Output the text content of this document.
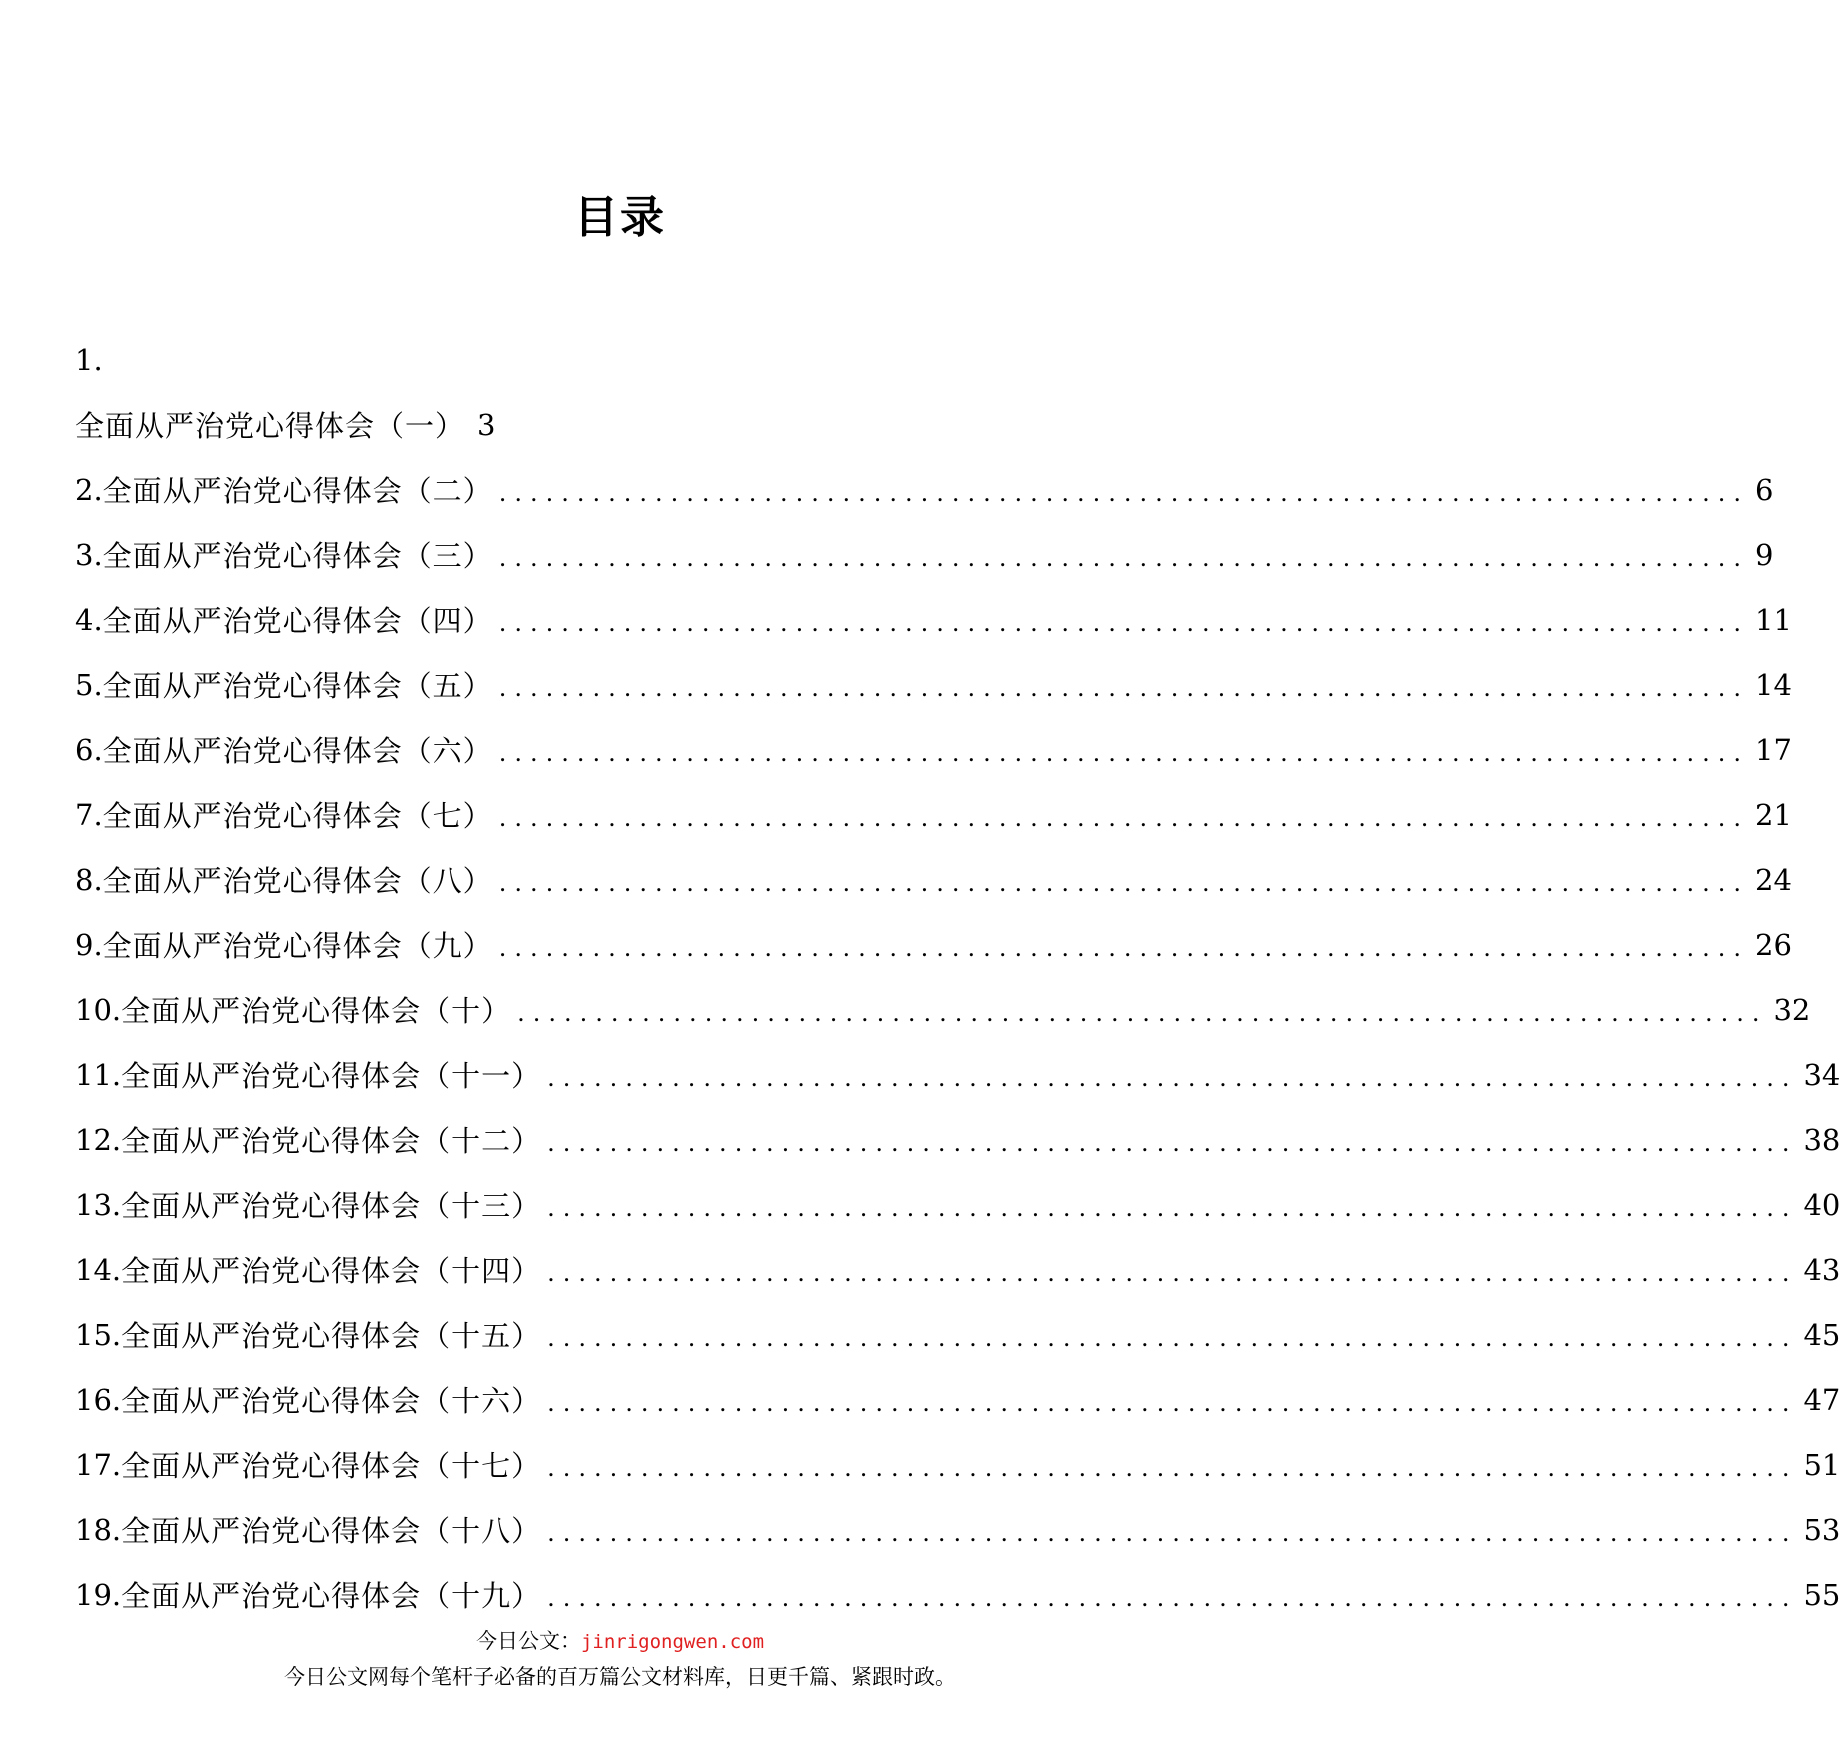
目录
1.
全面从严治党心得体会（一） 3
2. 全面从严治党心得体会（二） ................................................................................ 6
3. 全面从严治党心得体会（三） ................................................................................ 9
4. 全面从严治党心得体会（四） ................................................................................ 11
5. 全面从严治党心得体会（五） ................................................................................ 14
6. 全面从严治党心得体会（六） ................................................................................ 17
7. 全面从严治党心得体会（七） ................................................................................ 21
8. 全面从严治党心得体会（八） ................................................................................ 24
9. 全面从严治党心得体会（九） ................................................................................ 26
10. 全面从严治党心得体会（十） ................................................................................ 32
11. 全面从严治党心得体会（十一） ................................................................................ 34
12. 全面从严治党心得体会（十二） ................................................................................ 38
13. 全面从严治党心得体会（十三） ................................................................................ 40
14. 全面从严治党心得体会（十四） ................................................................................ 43
15. 全面从严治党心得体会（十五） ................................................................................ 45
16. 全面从严治党心得体会（十六） ................................................................................ 47
17. 全面从严治党心得体会（十七） ................................................................................ 51
18. 全面从严治党心得体会（十八） ................................................................................ 53
19. 全面从严治党心得体会（十九） ................................................................................ 55
今日公文：jinrigongwen.com
今日公文网每个笔杆子必备的百万篇公文材料库，日更千篇、紧跟时政。
